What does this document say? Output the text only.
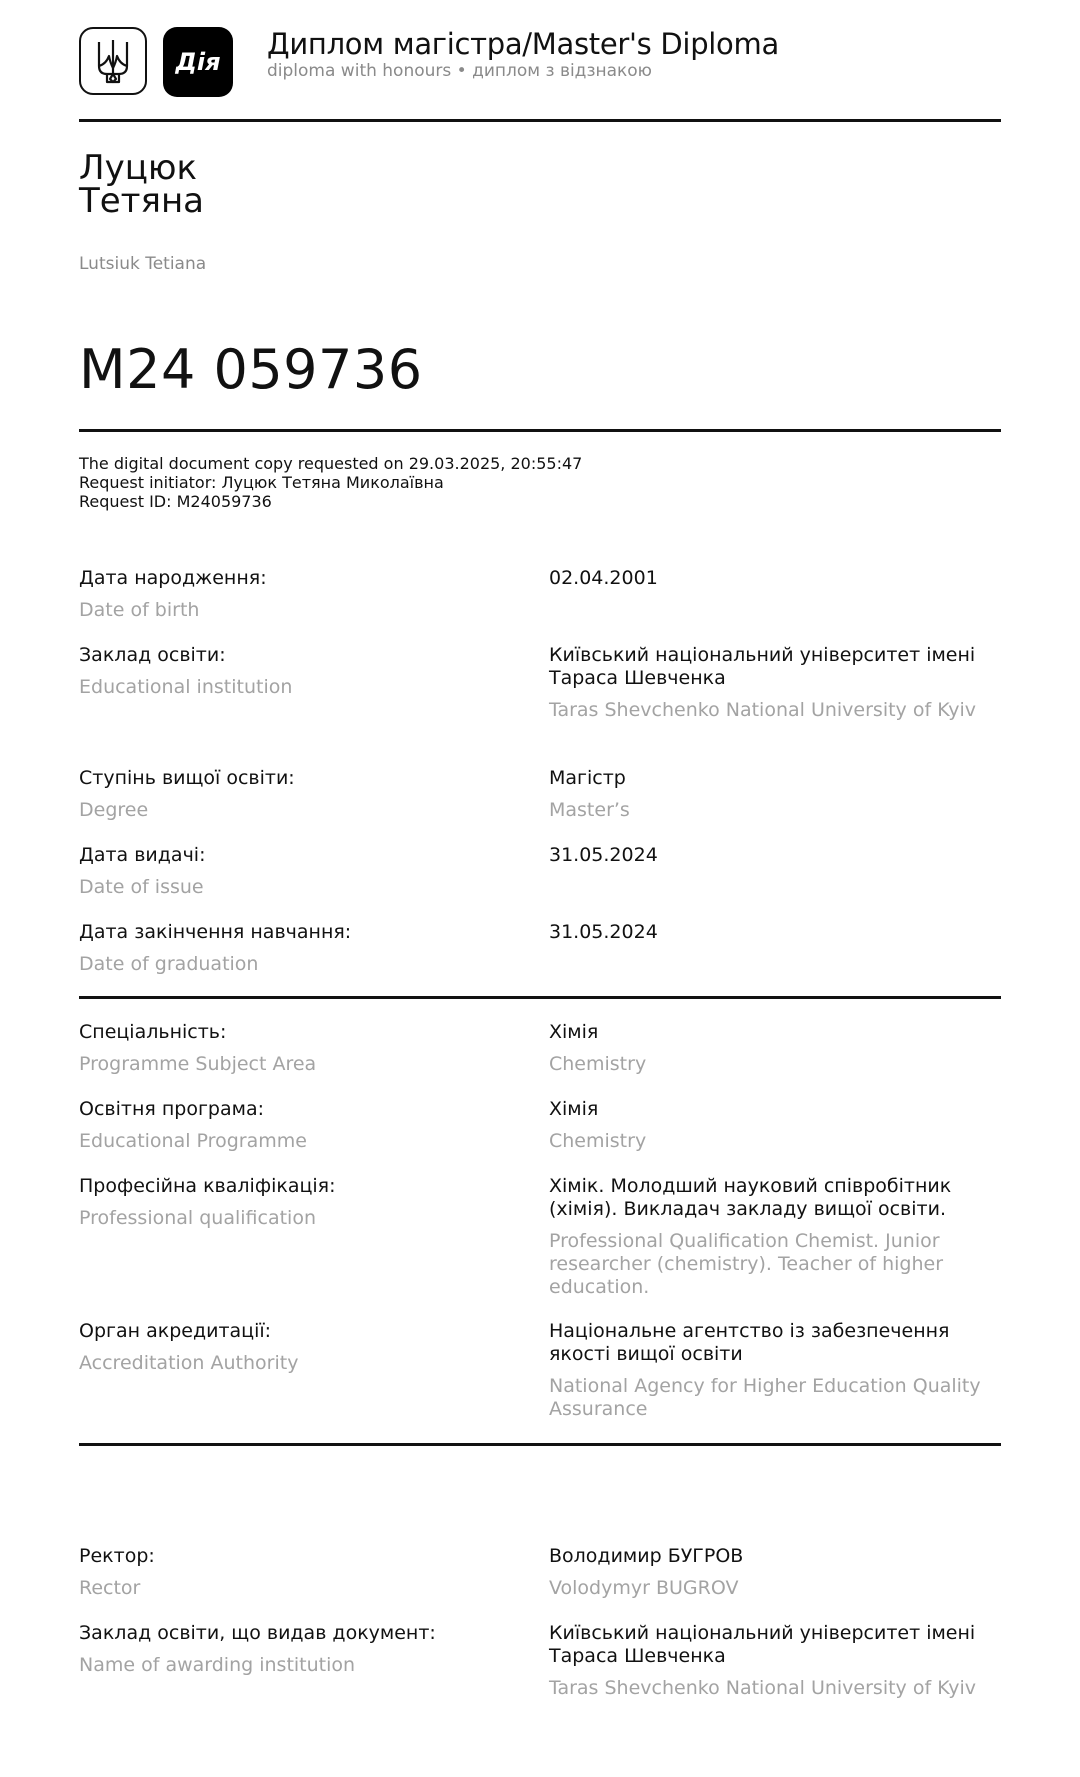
Дія
Диплом магістра/Master's Diploma
diploma with honours • диплом з відзнакою
Луцюк
Тетяна
Lutsiuk Tetiana
M24 059736
The digital document copy requested on 29.03.2025, 20:55:47
Request initiator: Луцюк Тетяна Миколаївна
Request ID: M24059736
Дата народження:
Date of birth
02.04.2001
Заклад освіти:
Educational institution
Київський національний університет імені Тараса Шевченка
Taras Shevchenko National University of Kyiv
Ступінь вищої освіти:
Degree
Магістр
Master’s
Дата видачі:
Date of issue
31.05.2024
Дата закінчення навчання:
Date of graduation
31.05.2024
Спеціальність:
Programme Subject Area
Хімія
Chemistry
Освітня програма:
Educational Programme
Хімія
Chemistry
Професійна кваліфікація:
Professional qualification
Хімік. Молодший науковий співробітник (хімія). Викладач закладу вищої освіти.
Professional Qualification Chemist. Junior researcher (chemistry). Teacher of higher education.
Орган акредитації:
Accreditation Authority
Національне агентство із забезпечення якості вищої освіти
National Agency for Higher Education Quality Assurance
Ректор:
Rector
Володимир БУГРОВ
Volodymyr BUGROV
Заклад освіти, що видав документ:
Name of awarding institution
Київський національний університет імені Тараса Шевченка
Taras Shevchenko National University of Kyiv
